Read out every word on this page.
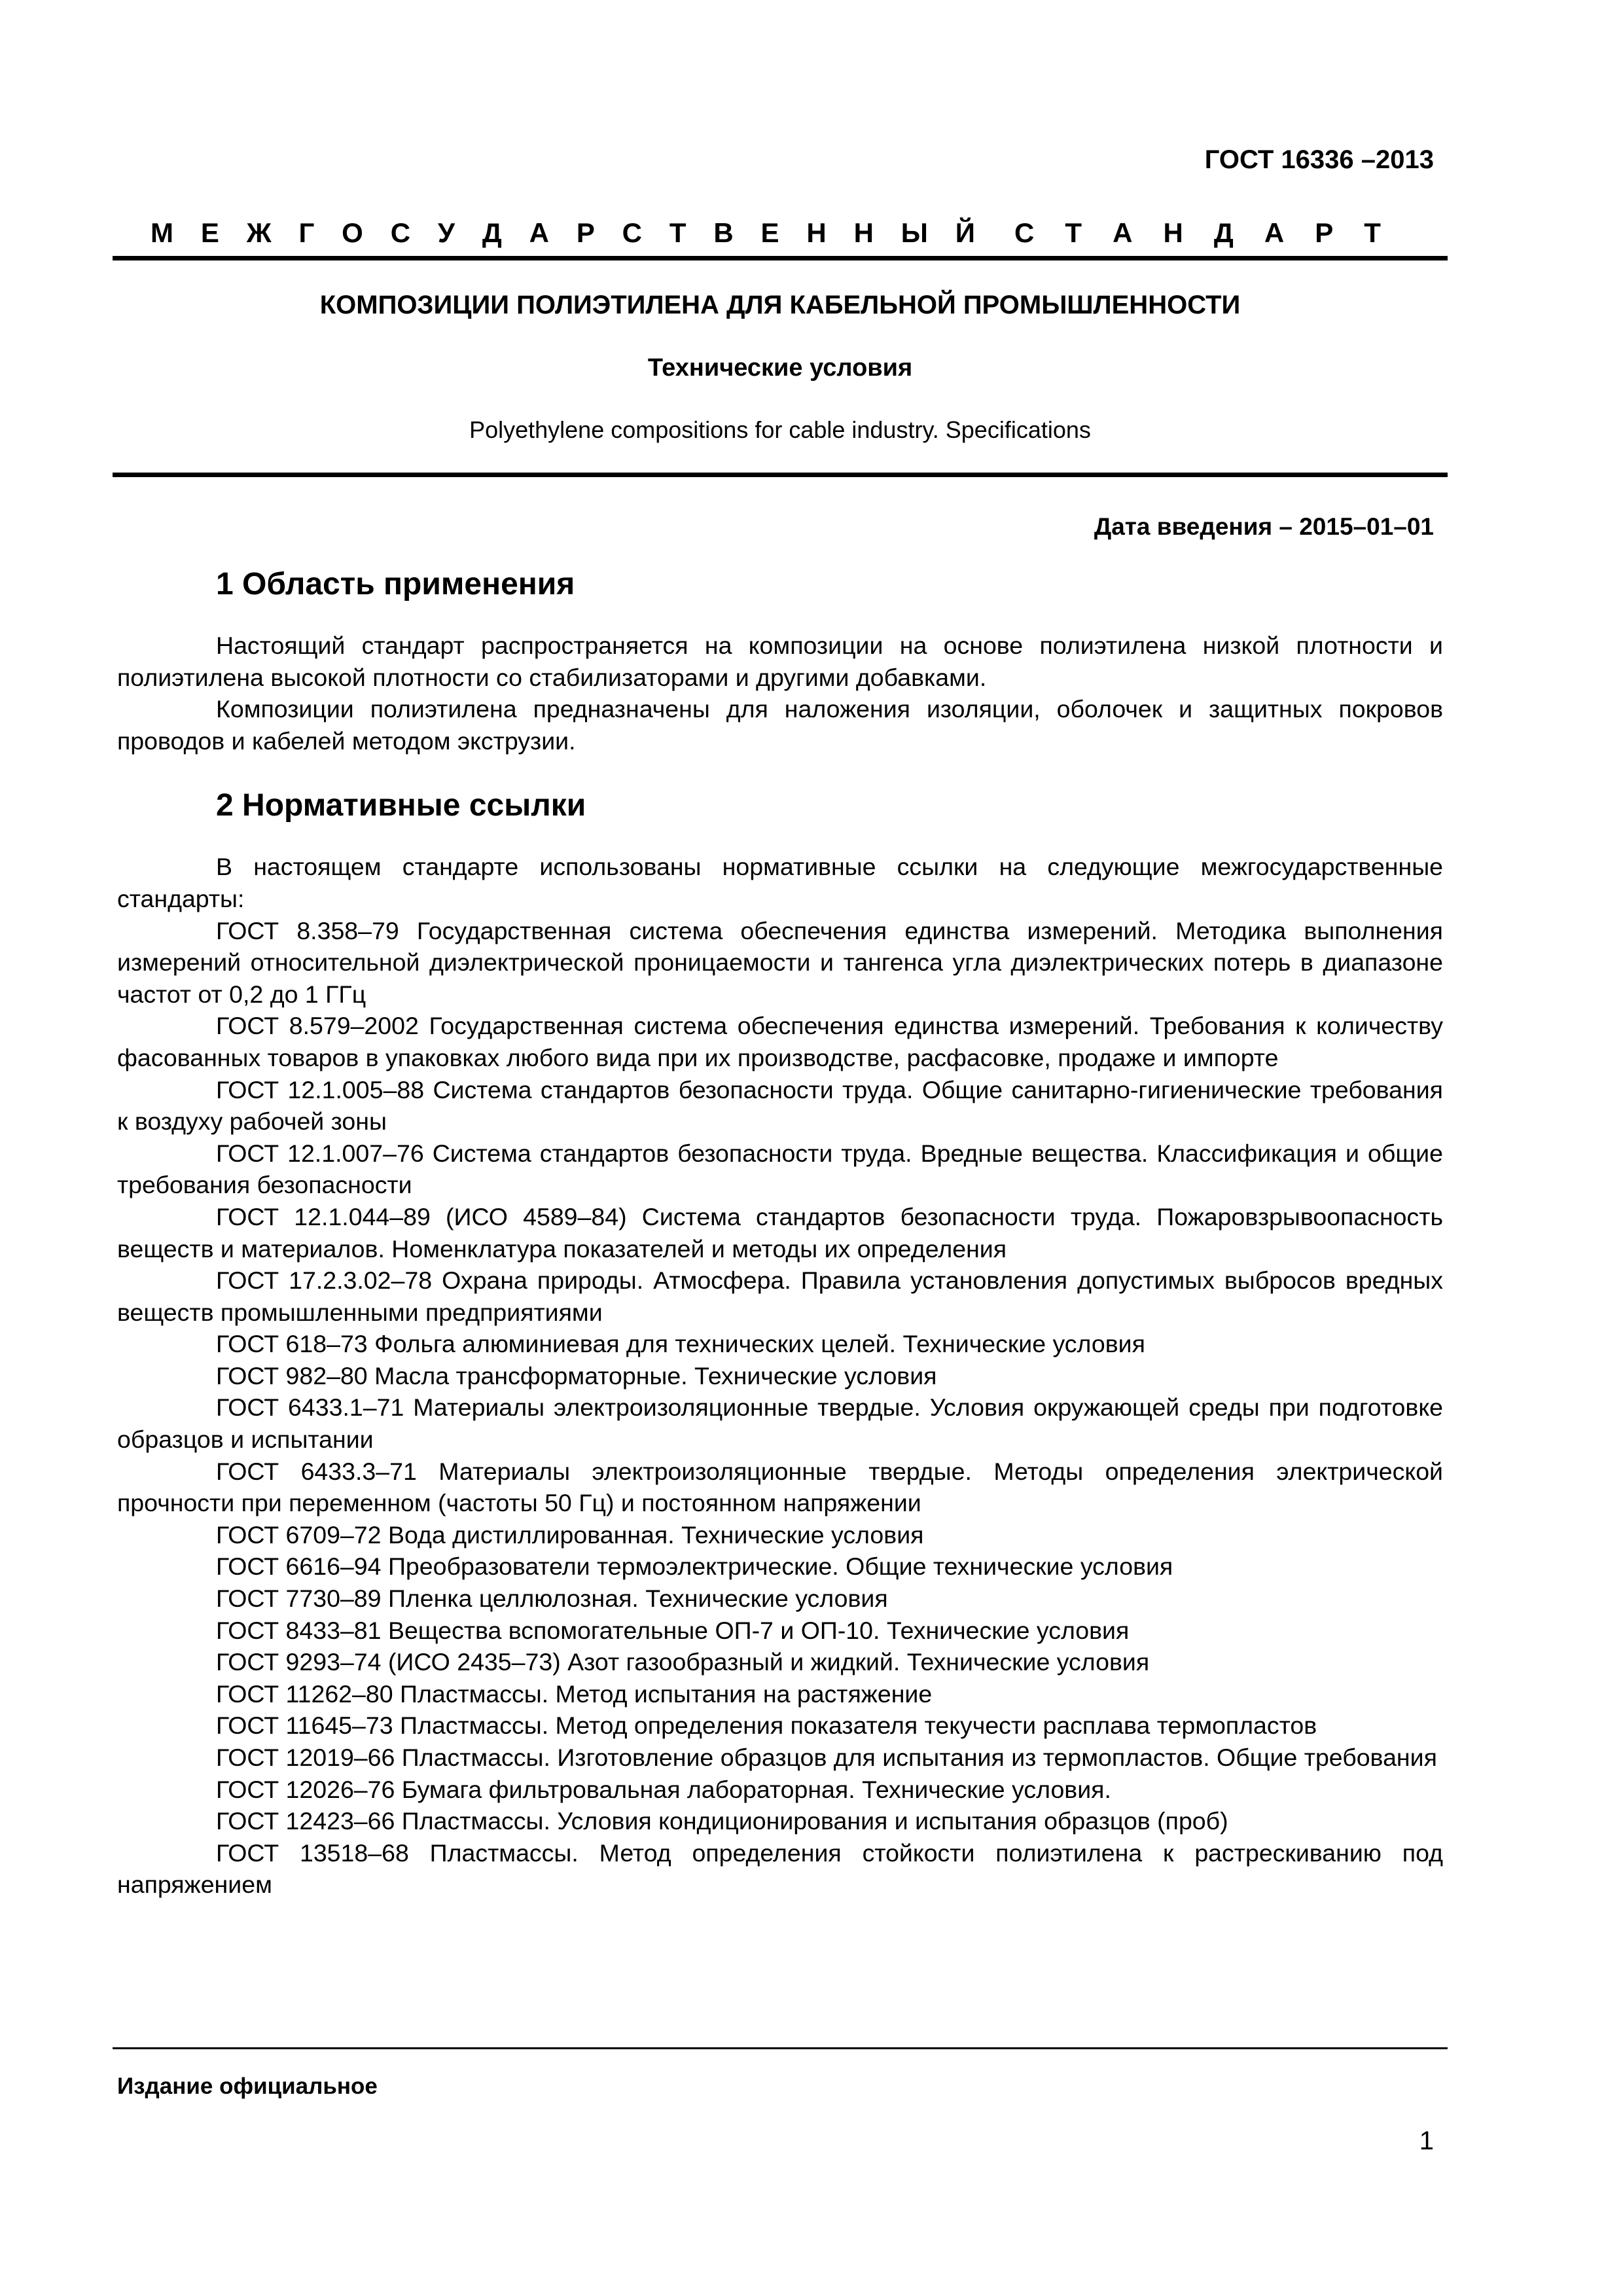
ГОСТ 16336 –2013
М Е Ж Г О С У Д А Р С Т В Е Н Н Ы Й С Т А Н Д А Р Т
КОМПОЗИЦИИ ПОЛИЭТИЛЕНА ДЛЯ КАБЕЛЬНОЙ ПРОМЫШЛЕННОСТИ
Технические условия
Polyethylene compositions for cable industry. Specifications
Дата введения – 2015–01–01
1 Область применения

Настоящий стандарт распространяется на композиции на основе полиэтилена низкой плотности и полиэтилена высокой плотности со стабилизаторами и другими добавками.

Композиции полиэтилена предназначены для наложения изоляции, оболочек и защитных покровов проводов и кабелей методом экструзии.

2 Нормативные ссылки

В настоящем стандарте использованы нормативные ссылки на следующие межгосударственные стандарты:

ГОСТ 8.358–79 Государственная система обеспечения единства измерений. Методика выполнения измерений относительной диэлектрической проницаемости и тангенса угла диэлектрических потерь в диапазоне частот от 0,2 до 1 ГГц

ГОСТ 8.579–2002 Государственная система обеспечения единства измерений. Требования к количеству фасованных товаров в упаковках любого вида при их производстве, расфасовке, продаже и импорте

ГОСТ 12.1.005–88 Система стандартов безопасности труда. Общие санитарно-гигиенические требования к воздуху рабочей зоны

ГОСТ 12.1.007–76 Система стандартов безопасности труда. Вредные вещества. Классификация и общие требования безопасности

ГОСТ 12.1.044–89 (ИСО 4589–84) Система стандартов безопасности труда. Пожаровзрывоопасность веществ и материалов. Номенклатура показателей и методы их определения

ГОСТ 17.2.3.02–78 Охрана природы. Атмосфера. Правила установления допустимых выбросов вредных веществ промышленными предприятиями

ГОСТ 618–73 Фольга алюминиевая для технических целей. Технические условия

ГОСТ 982–80 Масла трансформаторные. Технические условия

ГОСТ 6433.1–71 Материалы электроизоляционные твердые. Условия окружающей среды при подготовке образцов и испытании

ГОСТ 6433.3–71 Материалы электроизоляционные твердые. Методы определения электрической прочности при переменном (частоты 50 Гц) и постоянном напряжении

ГОСТ 6709–72 Вода дистиллированная. Технические условия

ГОСТ 6616–94 Преобразователи термоэлектрические. Общие технические условия

ГОСТ 7730–89 Пленка целлюлозная. Технические условия

ГОСТ 8433–81 Вещества вспомогательные ОП-7 и ОП-10. Технические условия

ГОСТ 9293–74 (ИСО 2435–73) Азот газообразный и жидкий. Технические условия

ГОСТ 11262–80 Пластмассы. Метод испытания на растяжение

ГОСТ 11645–73 Пластмассы. Метод определения показателя текучести расплава термопластов

ГОСТ 12019–66 Пластмассы. Изготовление образцов для испытания из термопластов. Общие требования

ГОСТ 12026–76 Бумага фильтровальная лабораторная. Технические условия.

ГОСТ 12423–66 Пластмассы. Условия кондиционирования и испытания образцов (проб)

ГОСТ 13518–68 Пластмассы. Метод определения стойкости полиэтилена к растрескиванию под напряжением

Издание официальное
1
